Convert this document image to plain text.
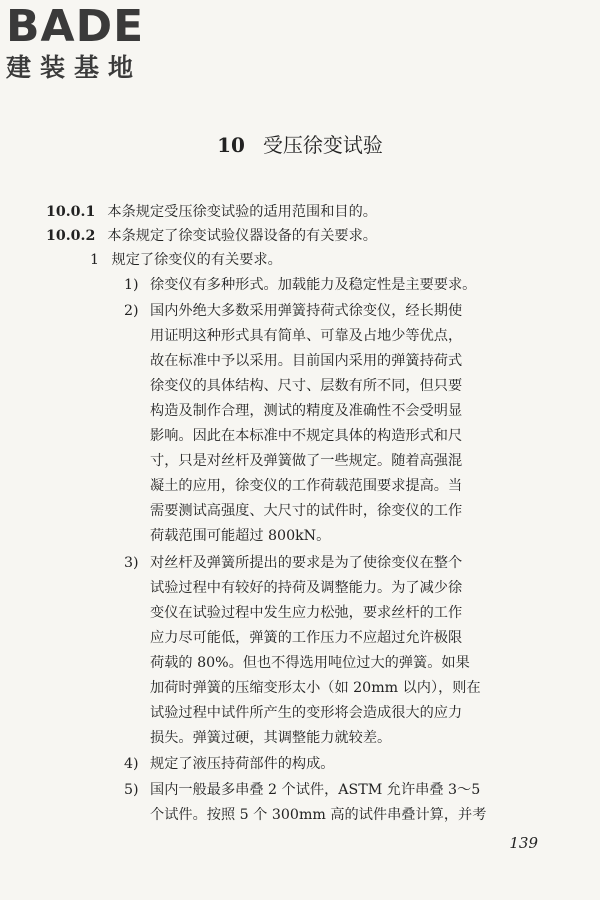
BADE
建装基地
10 受压徐变试验
10.0.1 本条规定受压徐变试验的适用范围和目的。
10.0.2 本条规定了徐变试验仪器设备的有关要求。
1 规定了徐变仪的有关要求。
1) 徐变仪有多种形式。加载能力及稳定性是主要要求。
2) 国内外绝大多数采用弹簧持荷式徐变仪，经长期使
用证明这种形式具有简单、可靠及占地少等优点，
故在标准中予以采用。目前国内采用的弹簧持荷式
徐变仪的具体结构、尺寸、层数有所不同，但只要
构造及制作合理，测试的精度及准确性不会受明显
影响。因此在本标准中不规定具体的构造形式和尺
寸，只是对丝杆及弹簧做了一些规定。随着高强混
凝土的应用，徐变仪的工作荷载范围要求提高。当
需要测试高强度、大尺寸的试件时，徐变仪的工作
荷载范围可能超过 800kN。
3) 对丝杆及弹簧所提出的要求是为了使徐变仪在整个
试验过程中有较好的持荷及调整能力。为了减少徐
变仪在试验过程中发生应力松弛，要求丝杆的工作
应力尽可能低，弹簧的工作压力不应超过允许极限
荷载的 80%。但也不得选用吨位过大的弹簧。如果
加荷时弹簧的压缩变形太小（如 20mm 以内），则在
试验过程中试件所产生的变形将会造成很大的应力
损失。弹簧过硬，其调整能力就较差。
4) 规定了液压持荷部件的构成。
5) 国内一般最多串叠 2 个试件，ASTM 允许串叠 3～5
个试件。按照 5 个 300mm 高的试件串叠计算，并考
139
